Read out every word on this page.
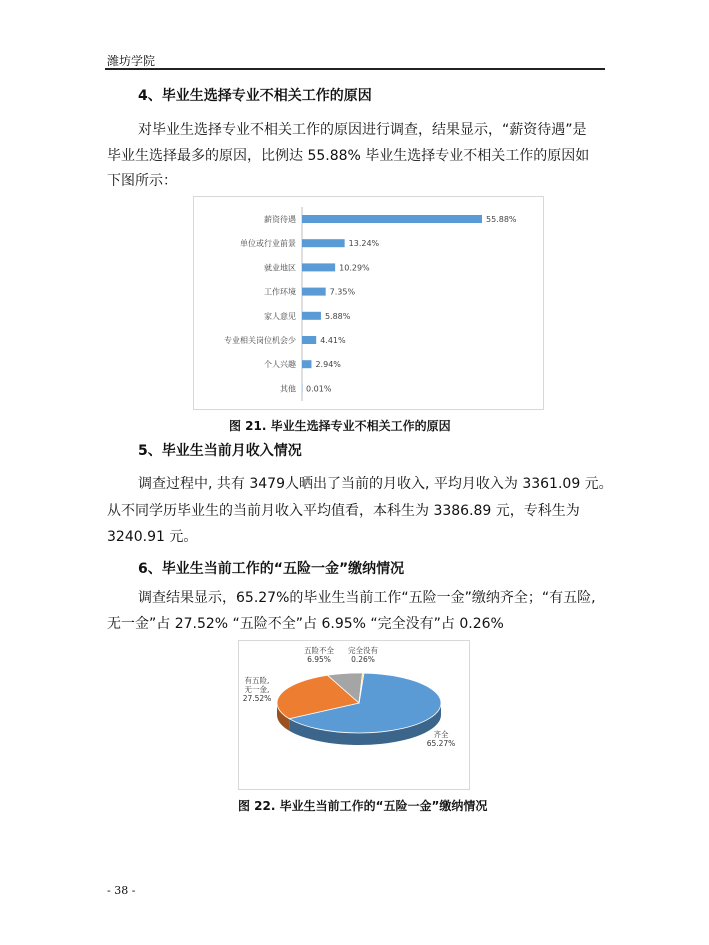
潍坊学院
4、毕业生选择专业不相关工作的原因
对毕业生选择专业不相关工作的原因进行调查，结果显示，“薪资待遇”是
毕业生选择最多的原因，比例达 55.88% 毕业生选择专业不相关工作的原因如
下图所示：
薪资待遇	55.88%
单位或行业前景	13.24%
就业地区	10.29%
工作环境	7.35%
家人意见	5.88%
专业相关岗位机会少	4.41%
个人兴趣 2.94%
其他 0.01%
图 21. 毕业生选择专业不相关工作的原因
5、毕业生当前月收入情况
调查过程中, 共有 3479人晒出了当前的月收入, 平均月收入为 3361.09 元。
从不同学历毕业生的当前月收入平均值看，本科生为 3386.89 元，专科生为
3240.91 元。
6、毕业生当前工作的“五险一金”缴纳情况
调查结果显示，65.27%的毕业生当前工作“五险一金”缴纳齐全；“有五险,
无一金”占 27.52% “五险不全”占 6.95% “完全没有”占 0.26%
齐全
65.27%
有五险,
无一金,
27.52%
五险不全
6.95%
完全没有
0.26%
图 22. 毕业生当前工作的“五险一金”缴纳情况
- 38 -
